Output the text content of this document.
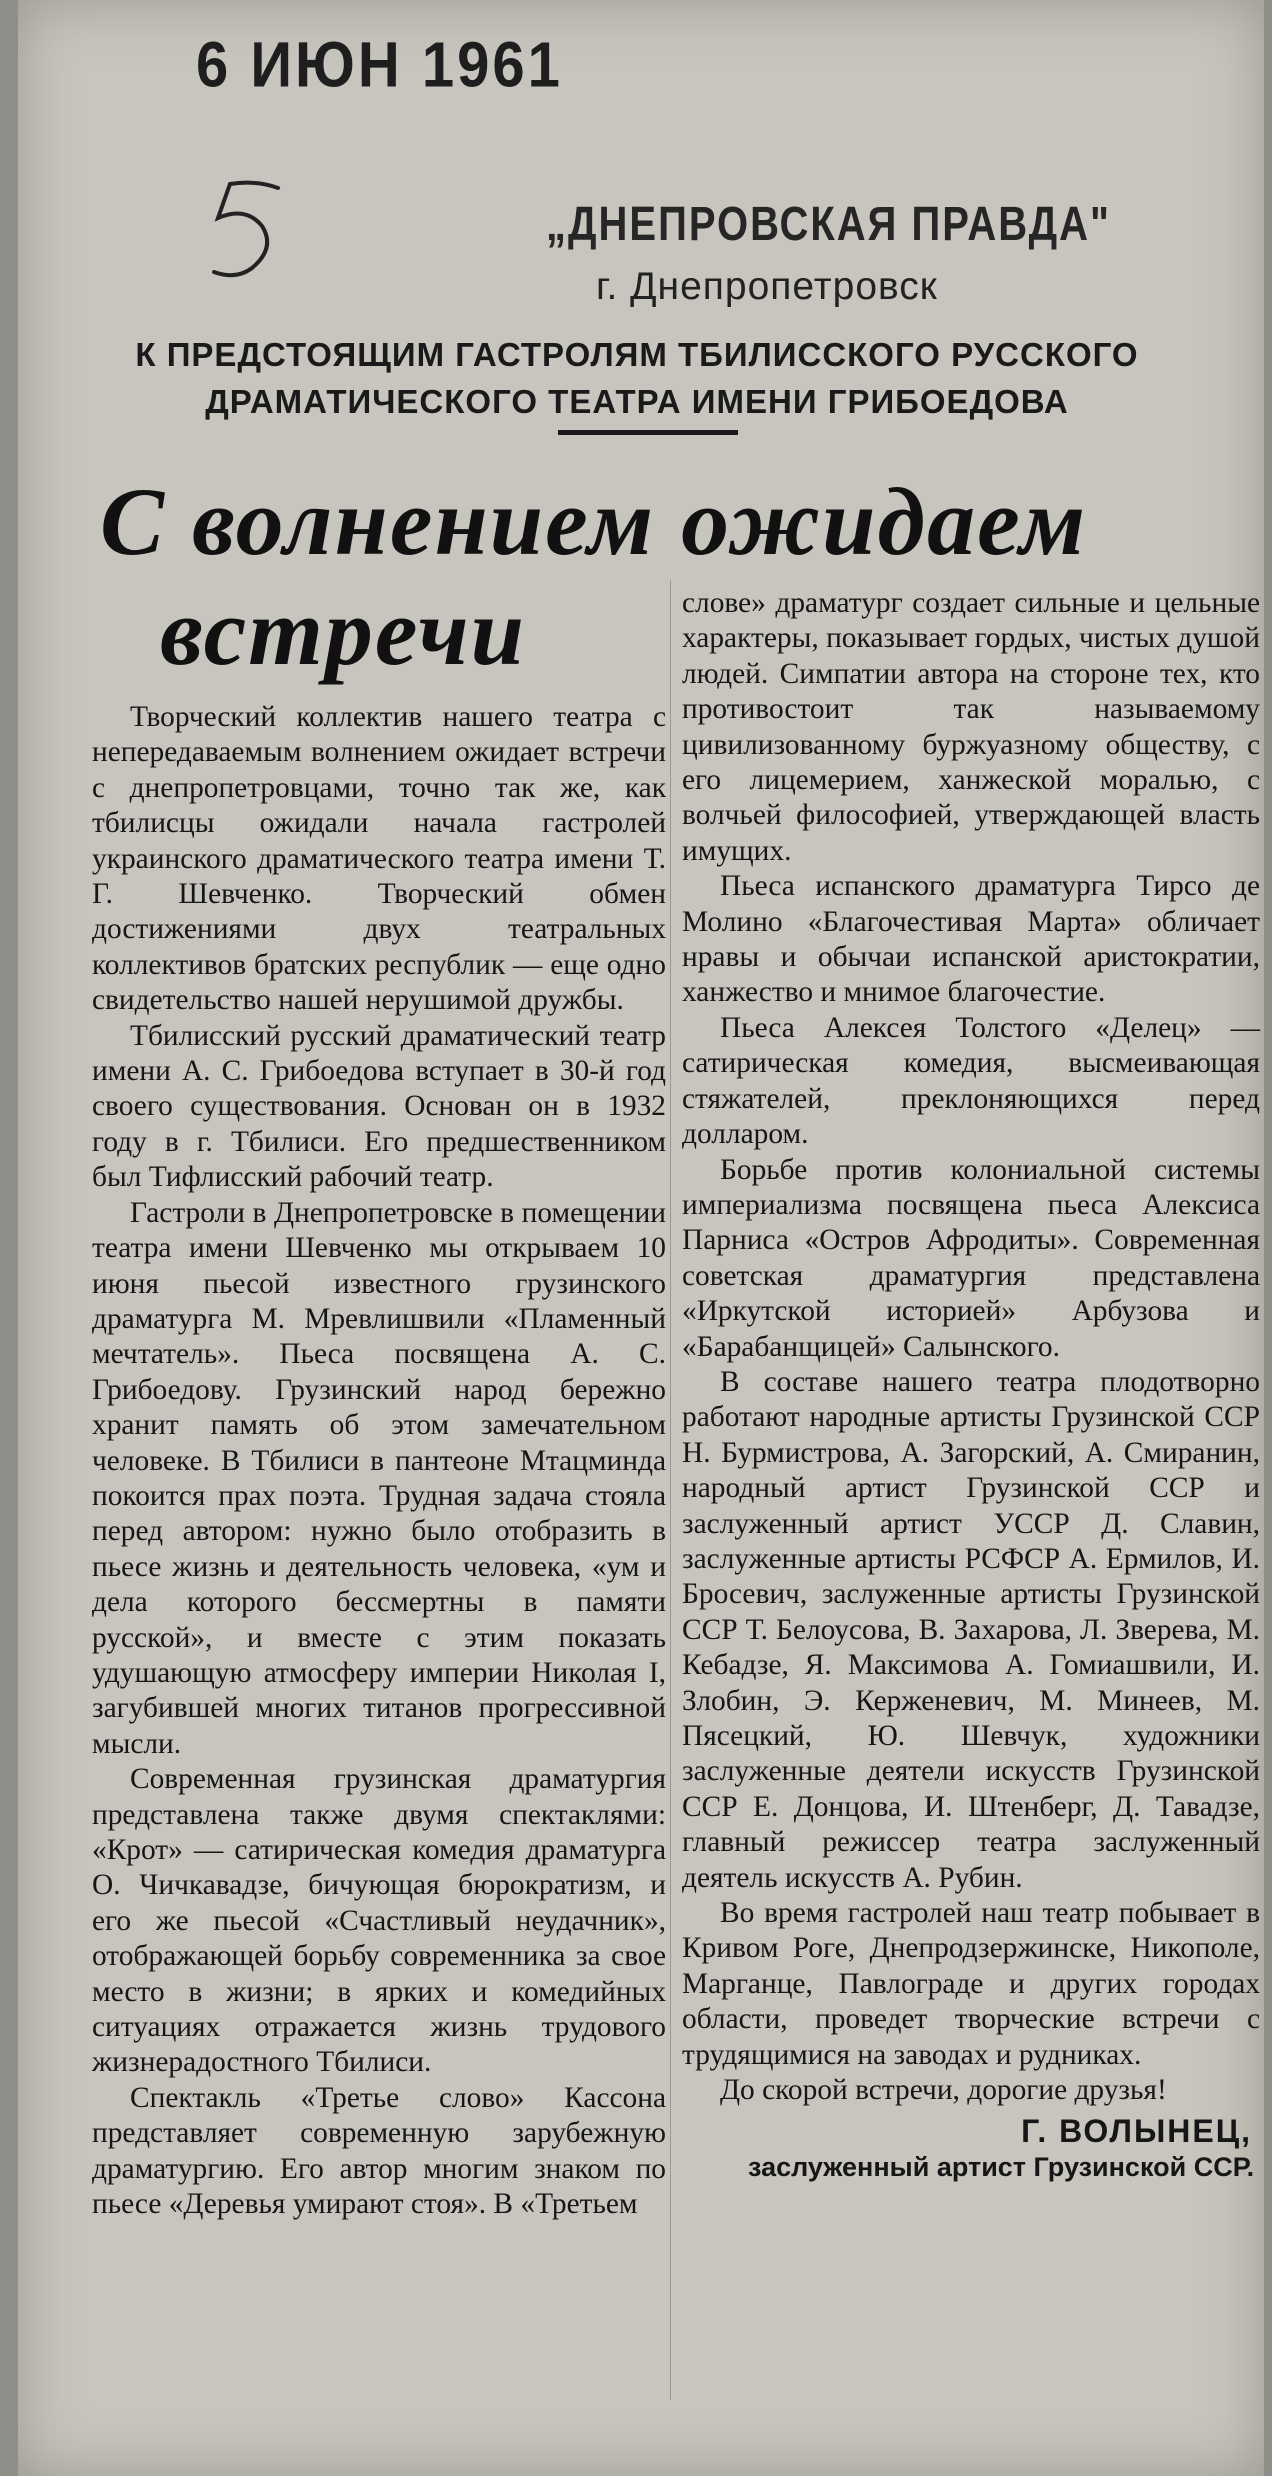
6 ИЮН 1961
„ДНЕПРОВСКАЯ ПРАВДА"
г. Днепропетровск
К ПРЕДСТОЯЩИМ ГАСТРОЛЯМ ТБИЛИССКОГО РУССКОГО
ДРАМАТИЧЕСКОГО ТЕАТРА ИМЕНИ ГРИБОЕДОВА
С волнением ожидаем
встречи

Творческий коллектив нашего театра с непередаваемым волнением ожидает встречи с днепропетровцами, точно так же, как тбилисцы ожидали начала гастролей украинского драматического театра имени Т. Г. Шевченко. Творческий обмен достижениями двух театральных коллективов братских республик — еще одно свидетельство нашей нерушимой дружбы.

Тбилисский русский драматический театр имени А. С. Грибоедова вступает в 30-й год своего существования. Основан он в 1932 году в г. Тбилиси. Его предшественником был Тифлисский рабочий театр.

Гастроли в Днепропетровске в помещении театра имени Шевченко мы открываем 10 июня пьесой известного грузинского драматурга М. Мревлишвили «Пламенный мечтатель». Пьеса посвящена А. С. Грибоедову. Грузинский народ бережно хранит память об этом замечательном человеке. В Тбилиси в пантеоне Мтацминда покоится прах поэта. Трудная задача стояла перед автором: нужно было отобразить в пьесе жизнь и деятельность человека, «ум и дела которого бессмертны в памяти русской», и вместе с этим показать удушающую атмосферу империи Николая I, загубившей многих титанов прогрессивной мысли.

Современная грузинская драматургия представлена также двумя спектаклями: «Крот» — сатирическая комедия драматурга О. Чичкавадзе, бичующая бюрократизм, и его же пьесой «Счастливый неудачник», отображающей борьбу современника за свое место в жизни; в ярких и комедийных ситуациях отражается жизнь трудового жизнерадостного Тбилиси.

Спектакль «Третье слово» Кассона представляет современную зарубежную драматургию. Его автор многим знаком по пьесе «Деревья умирают стоя». В «Третьем

слове» драматург создает сильные и цельные характеры, показывает гордых, чистых душой людей. Симпатии автора на стороне тех, кто противостоит так называемому цивилизованному буржуазному обществу, с его лицемерием, ханжеской моралью, с волчьей философией, утверждающей власть имущих.

Пьеса испанского драматурга Тирсо де Молино «Благочестивая Марта» обличает нравы и обычаи испанской аристократии, ханжество и мнимое благочестие.

Пьеса Алексея Толстого «Делец» — сатирическая комедия, высмеивающая стяжателей, преклоняющихся перед долларом.

Борьбе против колониальной системы империализма посвящена пьеса Алексиса Парниса «Остров Афродиты». Современная советская драматургия представлена «Иркутской историей» Арбузова и «Барабанщицей» Салынского.

В составе нашего театра плодотворно работают народные артисты Грузинской ССР Н. Бурмистрова, А. Загорский, А. Смиранин, народный артист Грузинской ССР и заслуженный артист УССР Д. Славин, заслуженные артисты РСФСР А. Ермилов, И. Бросевич, заслуженные артисты Грузинской ССР Т. Белоусова, В. Захарова, Л. Зверева, М. Кебадзе, Я. Максимова А. Гомиашвили, И. Злобин, Э. Керженевич, М. Минеев, М. Пясецкий, Ю. Шевчук, художники заслуженные деятели искусств Грузинской ССР Е. Донцова, И. Штенберг, Д. Тавадзе, главный режиссер театра заслуженный деятель искусств А. Рубин.

Во время гастролей наш театр побывает в Кривом Роге, Днепродзержинске, Никополе, Марганце, Павлограде и других городах области, проведет творческие встречи с трудящимися на заводах и рудниках.

До скорой встречи, дорогие друзья!

Г. ВОЛЫНЕЦ,
заслуженный артист Грузинской ССР.
